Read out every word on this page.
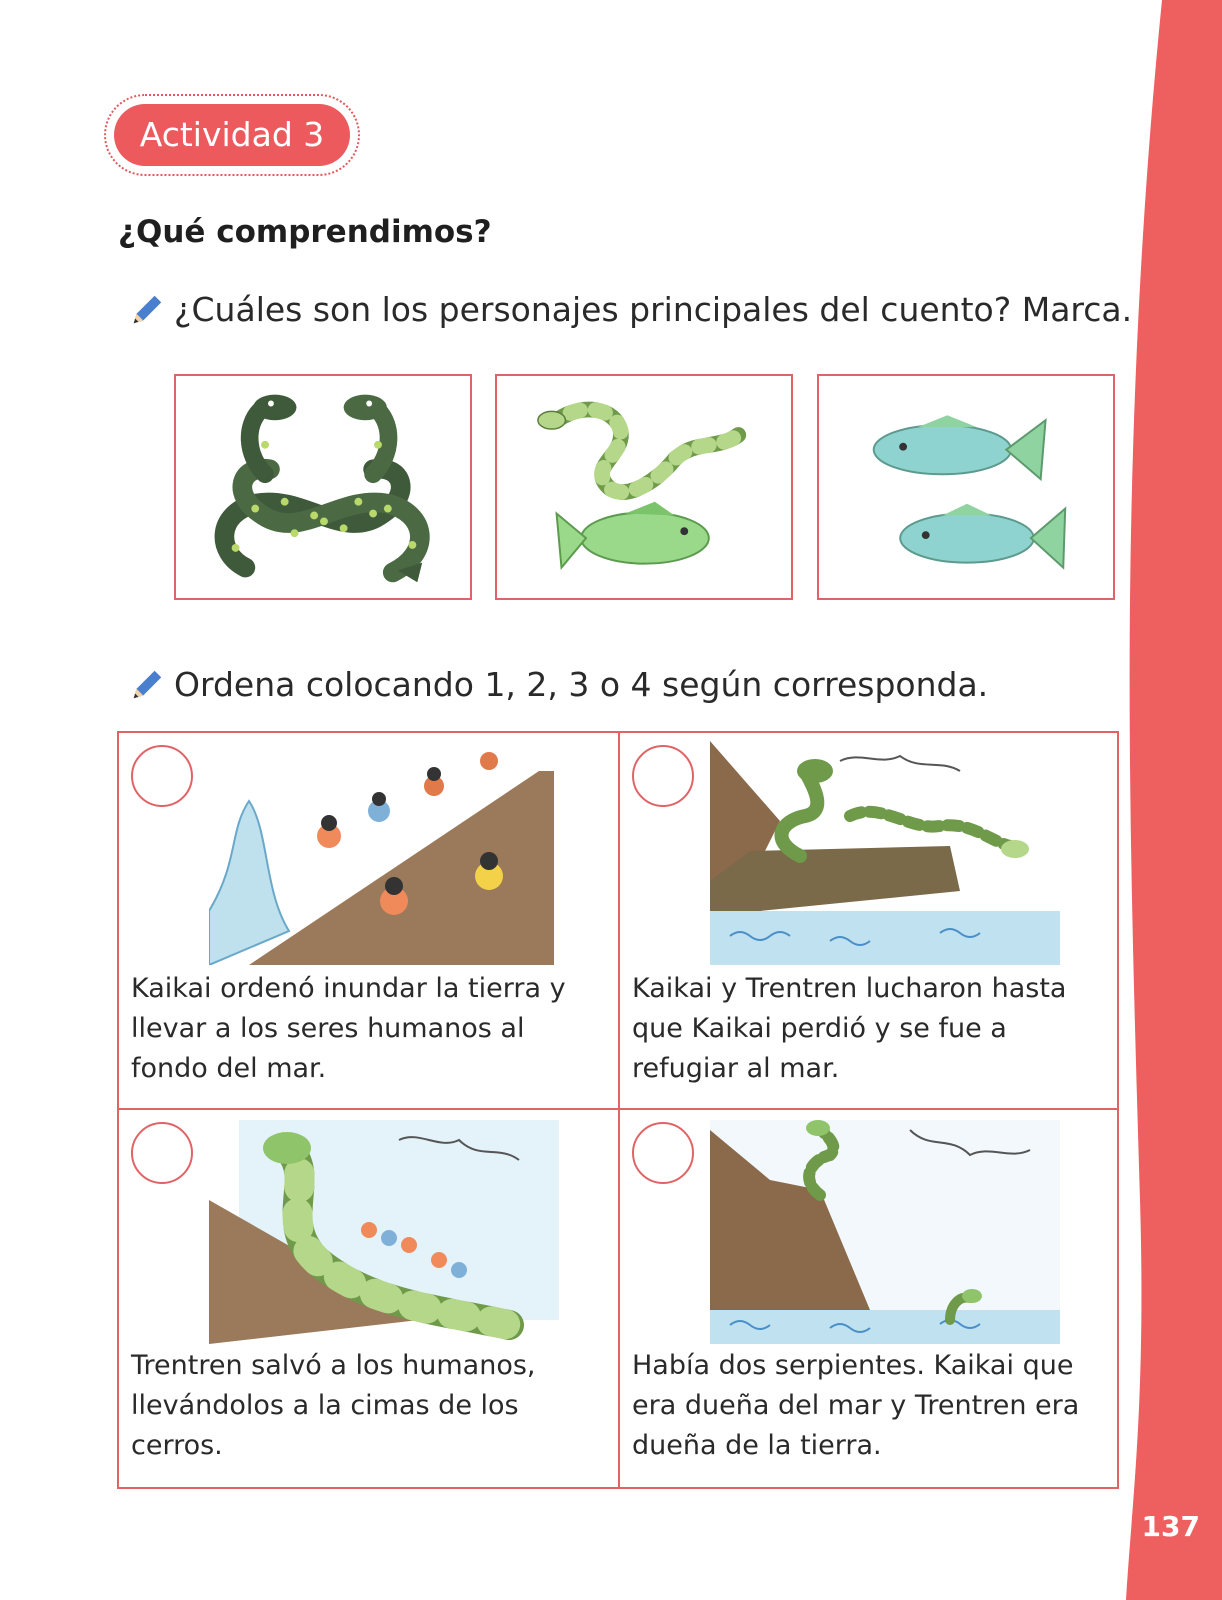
137
Actividad 3
¿Qué comprendimos?
¿Cuáles son los personajes principales del cuento? Marca.
Ordena colocando 1, 2, 3 o 4 según corresponda.
Kaikai ordenó inundar la tierra y llevar a los seres humanos al fondo del mar.
Kaikai y Trentren lucharon hasta que Kaikai perdió y se fue a refugiar al mar.
Trentren salvó a los humanos, llevándolos a la cimas de los cerros.
Había dos serpientes. Kaikai que era dueña del mar y Trentren era dueña de la tierra.
